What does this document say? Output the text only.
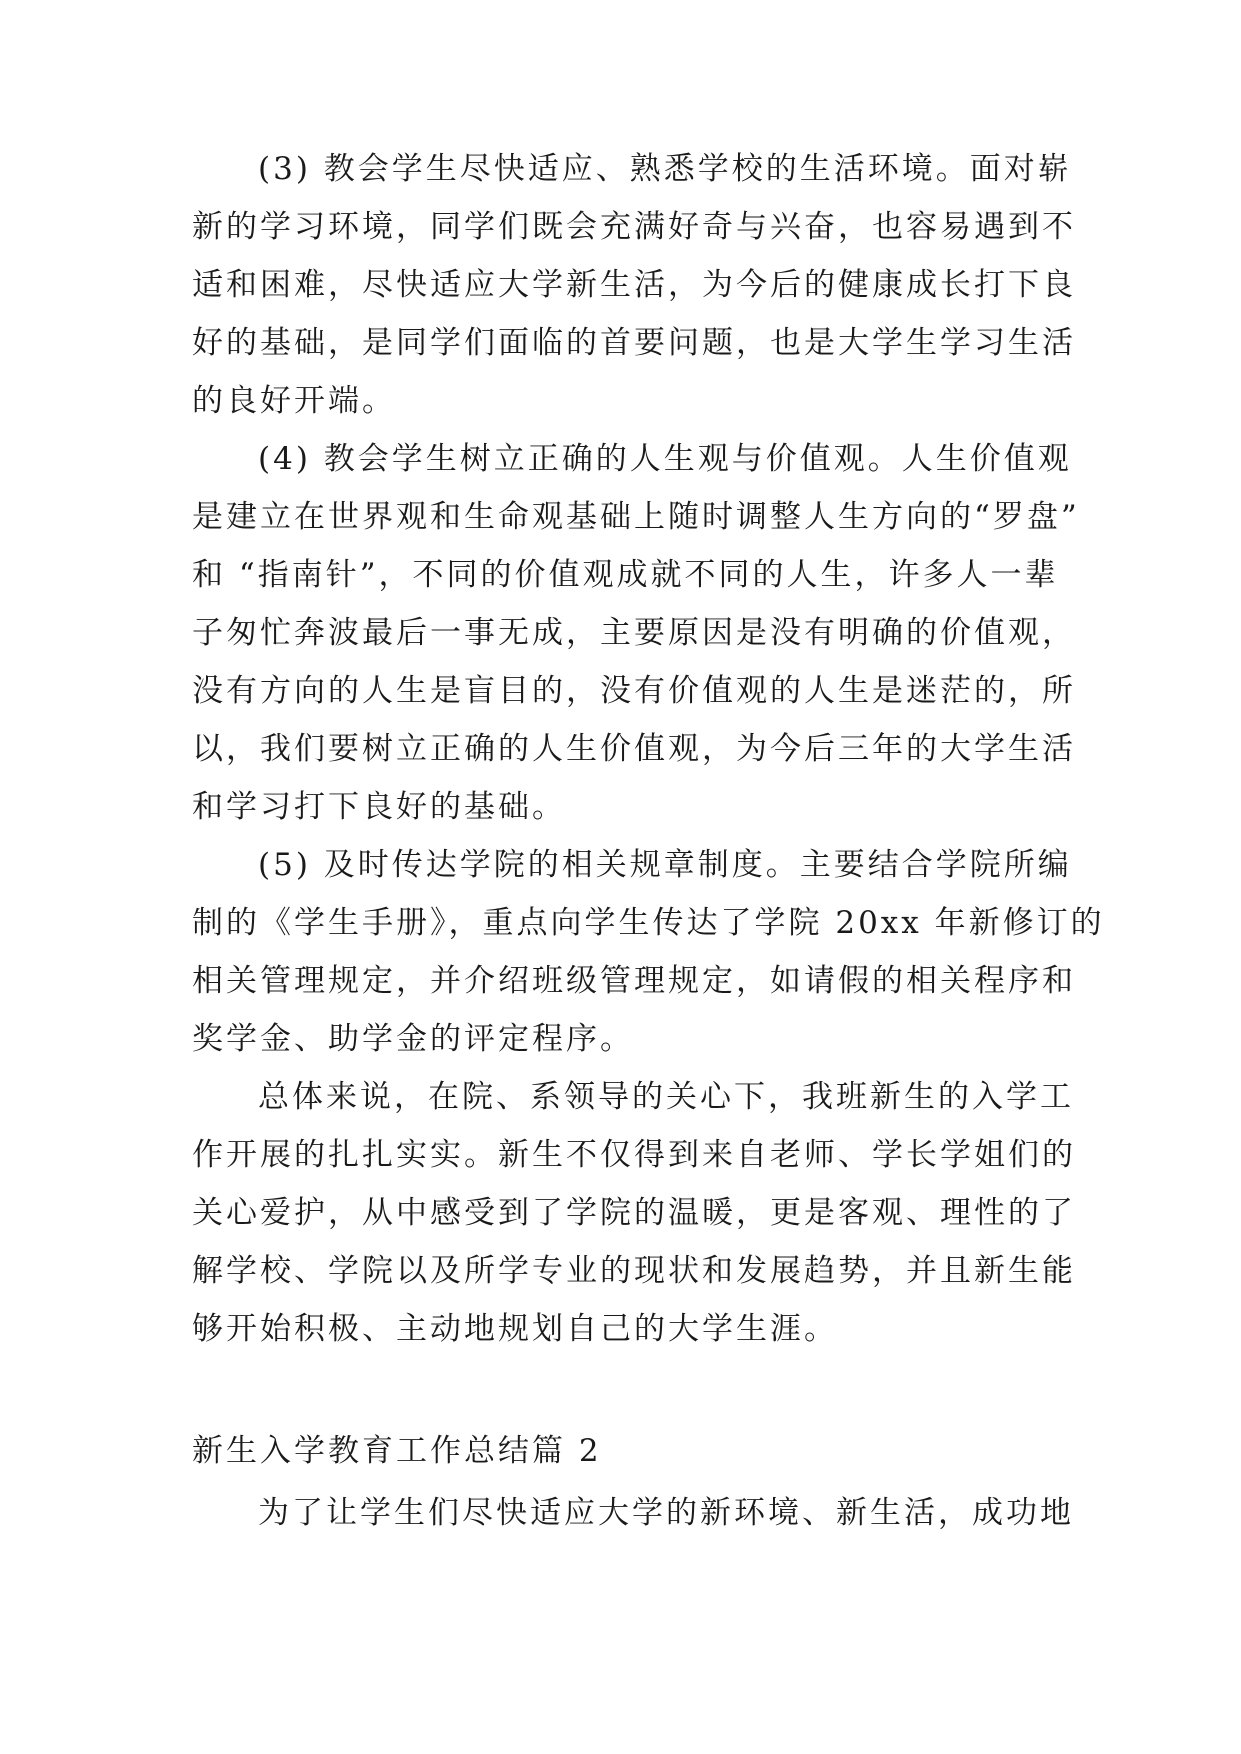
(3) 教会学生尽快适应、熟悉学校的生活环境。面对崭
新的学习环境，同学们既会充满好奇与兴奋，也容易遇到不
适和困难，尽快适应大学新生活，为今后的健康成长打下良
好的基础，是同学们面临的首要问题，也是大学生学习生活
的良好开端。
(4) 教会学生树立正确的人生观与价值观。人生价值观
是建立在世界观和生命观基础上随时调整人生方向的“罗盘”
和 “指南针”，不同的价值观成就不同的人生，许多人一辈
子匆忙奔波最后一事无成，主要原因是没有明确的价值观，
没有方向的人生是盲目的，没有价值观的人生是迷茫的，所
以，我们要树立正确的人生价值观，为今后三年的大学生活
和学习打下良好的基础。
(5) 及时传达学院的相关规章制度。主要结合学院所编
制的《学生手册》，重点向学生传达了学院 20xx 年新修订的
相关管理规定，并介绍班级管理规定，如请假的相关程序和
奖学金、助学金的评定程序。
总体来说，在院、系领导的关心下，我班新生的入学工
作开展的扎扎实实。新生不仅得到来自老师、学长学姐们的
关心爱护，从中感受到了学院的温暖，更是客观、理性的了
解学校、学院以及所学专业的现状和发展趋势，并且新生能
够开始积极、主动地规划自己的大学生涯。
新生入学教育工作总结篇 2
为了让学生们尽快适应大学的新环境、新生活，成功地
